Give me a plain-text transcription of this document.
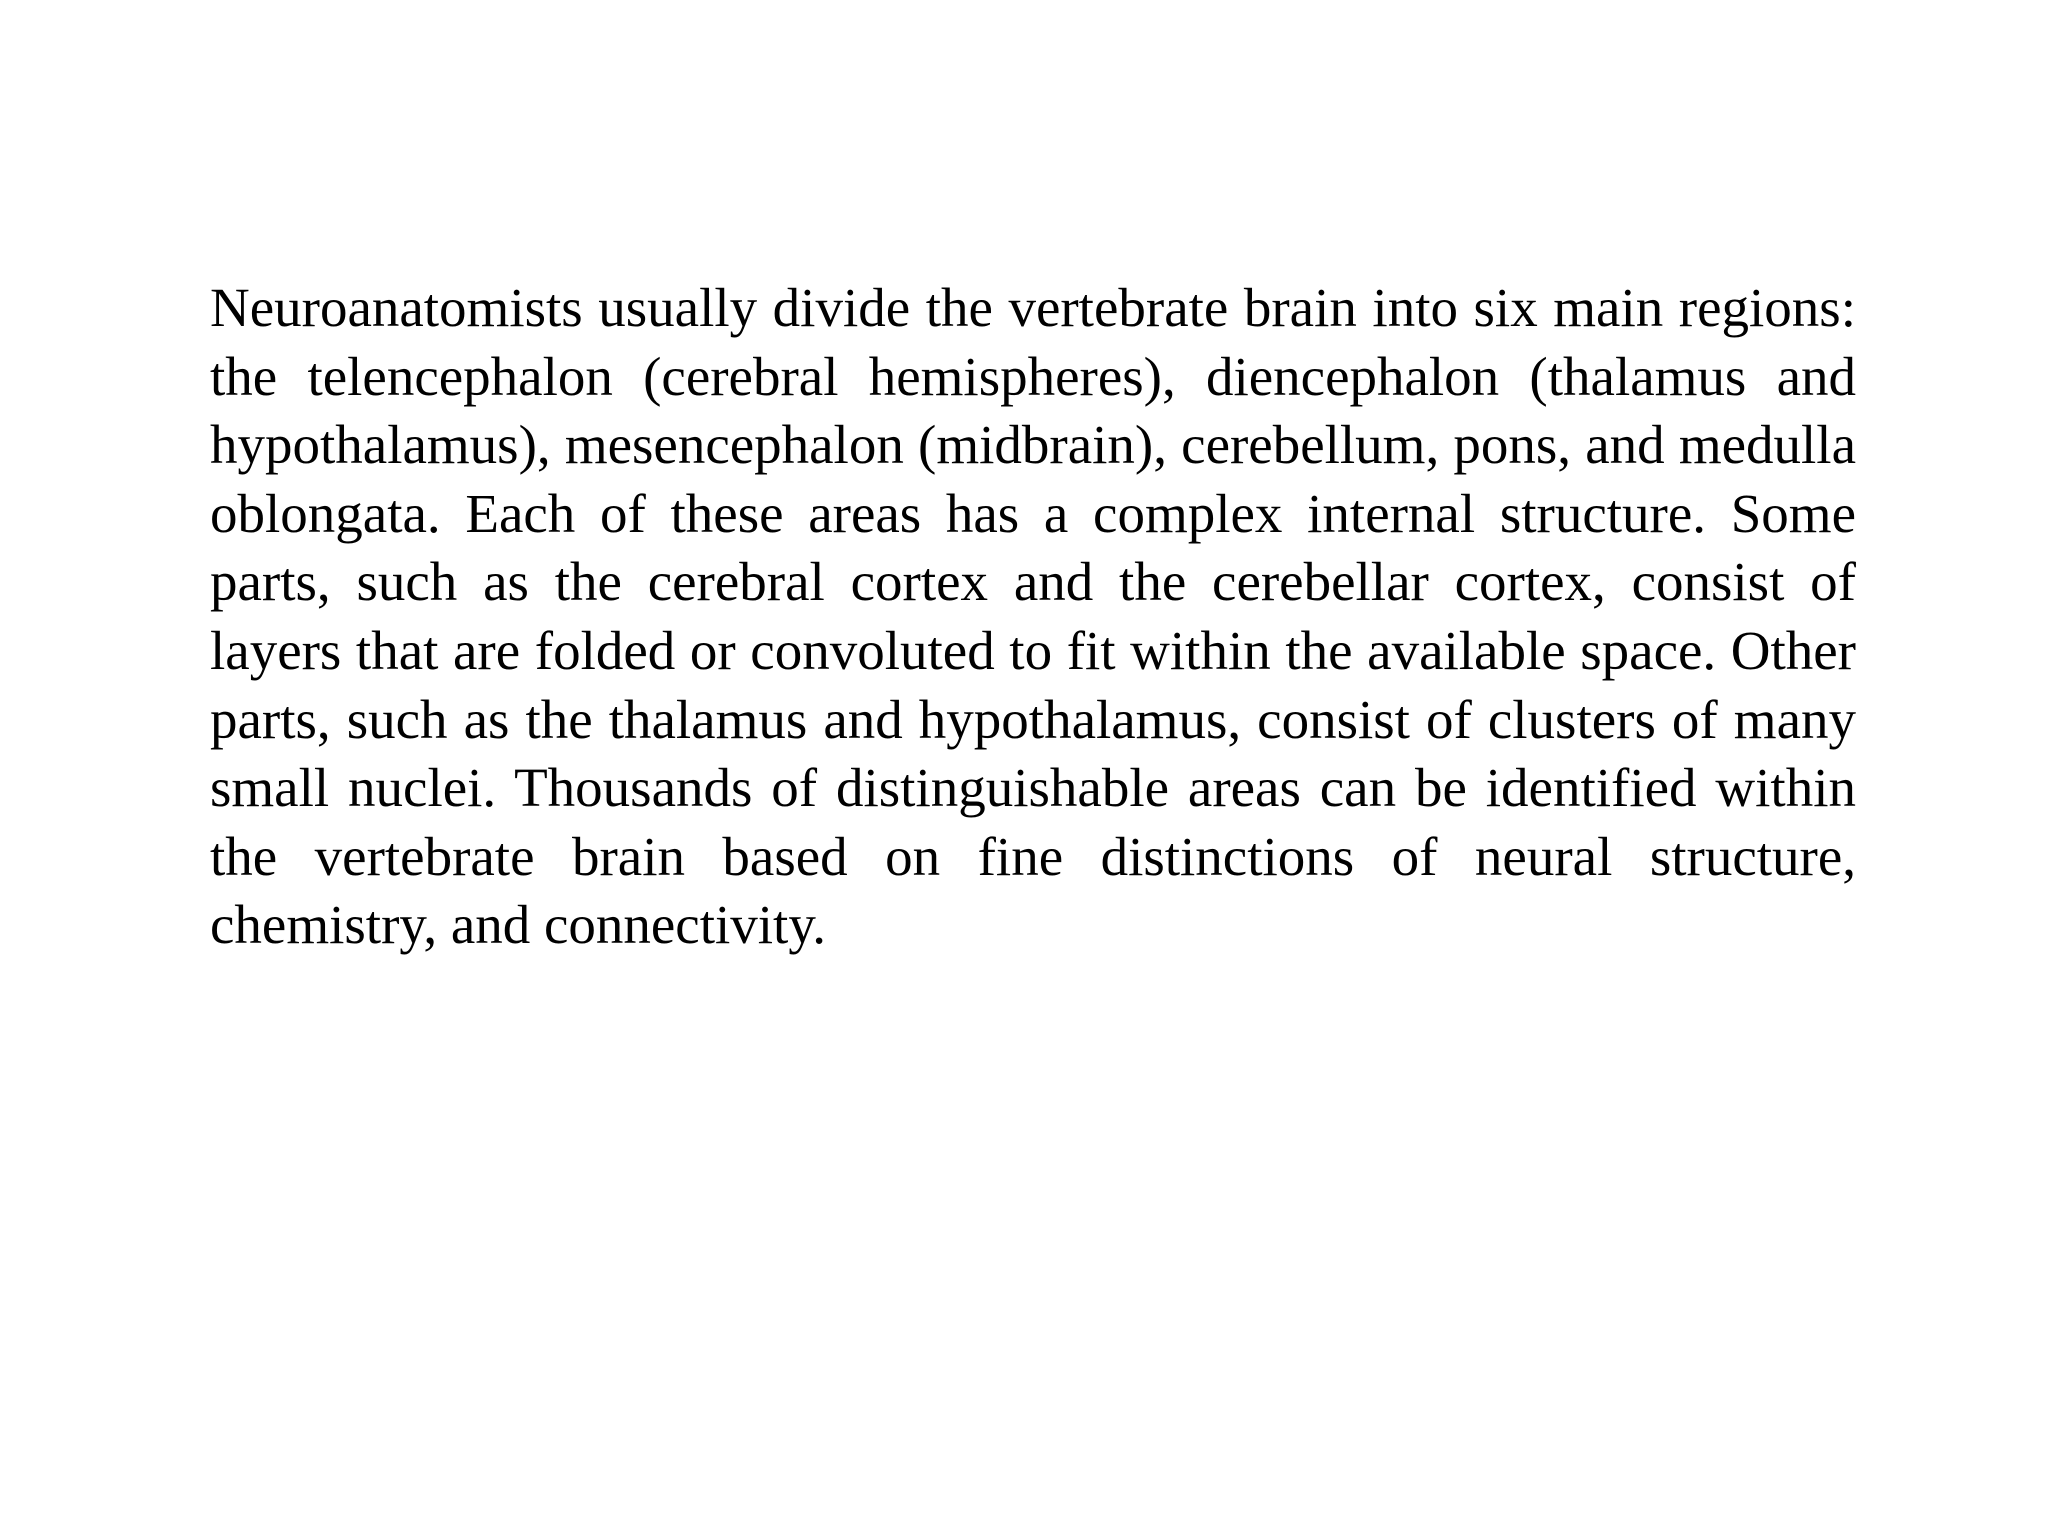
Neuroanatomists usually divide the vertebrate brain into six main regions: the telencephalon (cerebral hemispheres), diencephalon (thalamus and hypothalamus), mesencephalon (midbrain), cerebellum, pons, and medulla oblongata. Each of these areas has a complex internal structure. Some parts, such as the cerebral cortex and the cerebellar cortex, consist of layers that are folded or convoluted to fit within the available space. Other parts, such as the thalamus and hypothalamus, consist of clusters of many small nuclei. Thousands of distinguishable areas can be identified within the vertebrate brain based on fine distinctions of neural structure, chemistry, and connectivity.
